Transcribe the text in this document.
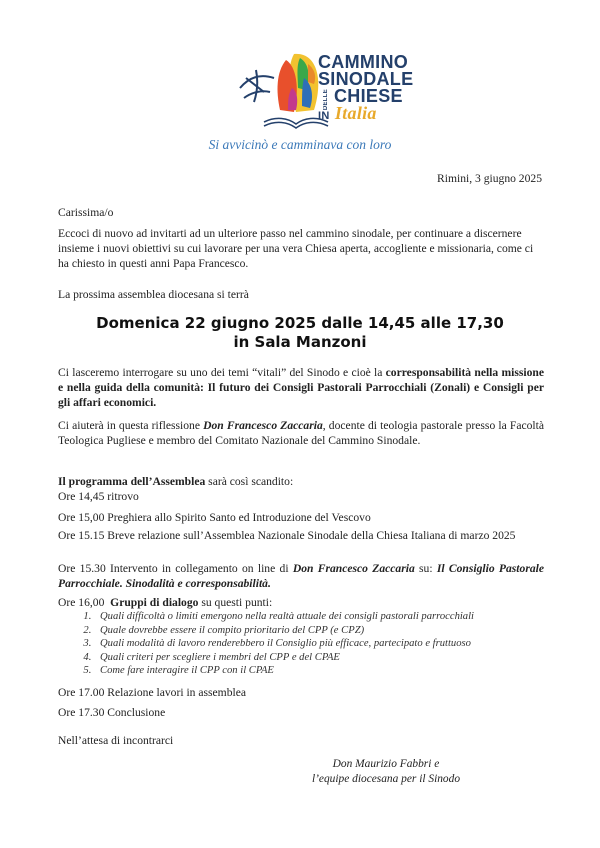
CAMMINO
SINODALE
DELLE CHIESE
IN Italia
Si avvicinò e camminava con loro
Rimini, 3 giugno 2025
Carissima/o
Eccoci di nuovo ad invitarti ad un ulteriore passo nel cammino sinodale, per continuare a discernere insieme i nuovi obiettivi su cui lavorare per una vera Chiesa aperta, accogliente e missionaria, come ci ha chiesto in questi anni Papa Francesco.
La prossima assemblea diocesana si terrà
Domenica 22 giugno 2025 dalle 14,45 alle 17,30
in Sala Manzoni
Ci lasceremo interrogare su uno dei temi “vitali” del Sinodo e cioè la corresponsabilità nella missione e nella guida della comunità: Il futuro dei Consigli Pastorali Parrocchiali (Zonali) e Consigli per gli affari economici.
Ci aiuterà in questa riflessione Don Francesco Zaccaria, docente di teologia pastorale presso la Facoltà Teologica Pugliese e membro del Comitato Nazionale del Cammino Sinodale.
Il programma dell’Assemblea sarà così scandito:
Ore 14,45 ritrovo
Ore 15,00 Preghiera allo Spirito Santo ed Introduzione del Vescovo
Ore 15.15 Breve relazione sull’Assemblea Nazionale Sinodale della Chiesa Italiana di marzo 2025
Ore 15.30 Intervento in collegamento on line di Don Francesco Zaccaria su: Il Consiglio Pastorale Parrocchiale. Sinodalità e corresponsabilità.
Ore 16,00  Gruppi di dialogo su questi punti:
1. Quali difficoltà o limiti emergono nella realtà attuale dei consigli pastorali parrocchiali
2. Quale dovrebbe essere il compito prioritario del CPP (e CPZ)
3. Quali modalità di lavoro renderebbero il Consiglio più efficace, partecipato e fruttuoso
4. Quali criteri per scegliere i membri del CPP e del CPAE
5. Come fare interagire il CPP con il CPAE
Ore 17.00 Relazione lavori in assemblea
Ore 17.30 Conclusione
Nell’attesa di incontrarci
Don Maurizio Fabbri e
l’equipe diocesana per il Sinodo
